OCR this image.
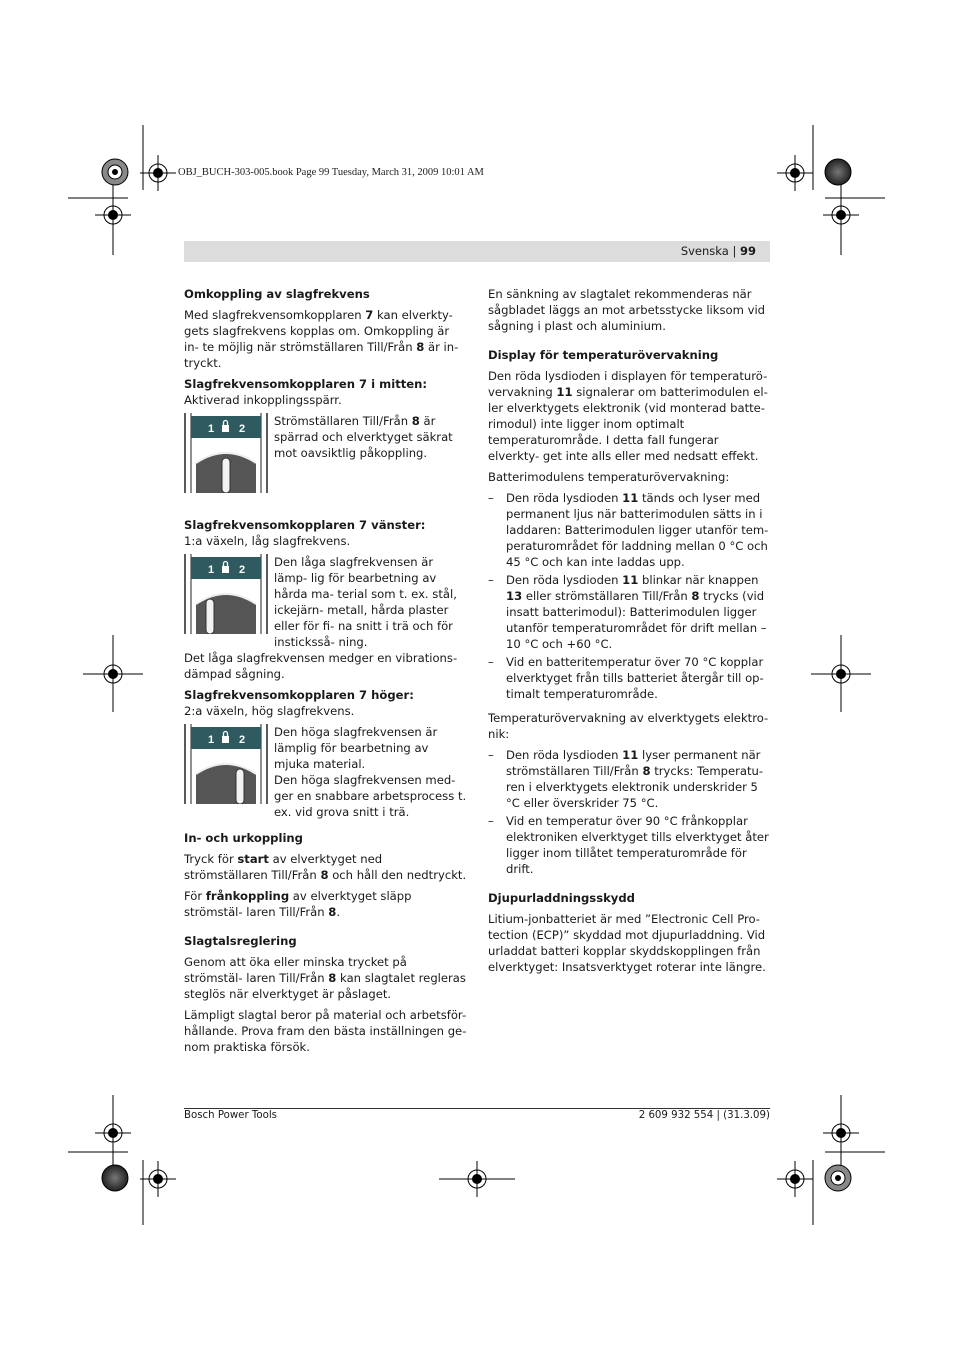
OBJ_BUCH-303-005.book Page 99 Tuesday, March 31, 2009 10:01 AM
Svenska | 99
Omkoppling av slagfrekvens

Med slagfrekvensomkopplaren 7 kan elverkty- gets slagfrekvens kopplas om. Omkoppling är in- te möjlig när strömställaren Till/Från 8 är in- tryckt.

Slagfrekvensomkopplaren 7 i mitten:

Aktiverad inkopplingsspärr.

1 2

Strömställaren Till/Från 8 är spärrad och elverktyget säkrat mot oavsiktlig påkoppling.

Slagfrekvensomkopplaren 7 vänster:

1:a växeln, låg slagfrekvens.

1 2

Den låga slagfrekvensen är lämp- lig för bearbetning av hårda ma- terial som t. ex. stål, ickejärn- metall, hårda plaster eller för fi- na snitt i trä och för insticksså- ning.

Det låga slagfrekvensen medger en vibrations- dämpad sågning.

Slagfrekvensomkopplaren 7 höger:

2:a växeln, hög slagfrekvens.

1 2

Den höga slagfrekvensen är lämplig för bearbetning av mjuka material.

Den höga slagfrekvensen med- ger en snabbare arbetsprocess t. ex. vid grova snitt i trä.

In- och urkoppling

Tryck för start av elverktyget ned strömställaren Till/Från 8 och håll den nedtryckt.

För frånkoppling av elverktyget släpp strömstäl- laren Till/Från 8.

Slagtalsreglering

Genom att öka eller minska trycket på strömstäl- laren Till/Från 8 kan slagtalet regleras steglös när elverktyget är påslaget.

Lämpligt slagtal beror på material och arbetsför- hållande. Prova fram den bästa inställningen ge- nom praktiska försök.

En sänkning av slagtalet rekommenderas när sågbladet läggs an mot arbetsstycke liksom vid sågning i plast och aluminium.

Display för temperaturövervakning

Den röda lysdioden i displayen för temperaturö- vervakning 11 signalerar om batterimodulen el- ler elverktygets elektronik (vid monterad batte- rimodul) inte ligger inom optimalt temperaturområde. I detta fall fungerar elverkty- get inte alls eller med nedsatt effekt.

Batterimodulens temperaturövervakning:

– Den röda lysdioden 11 tänds och lyser med permanent ljus när batterimodulen sätts in i laddaren: Batterimodulen ligger utanför tem- peraturområdet för laddning mellan 0 °C och 45 °C och kan inte laddas upp.
– Den röda lysdioden 11 blinkar när knappen 13 eller strömställaren Till/Från 8 trycks (vid insatt batterimodul): Batterimodulen ligger utanför temperaturområdet för drift mellan – 10 °C och +60 °C.
– Vid en batteritemperatur över 70 °C kopplar elverktyget från tills batteriet återgår till op- timalt temperaturområde.

Temperaturövervakning av elverktygets elektro- nik:

– Den röda lysdioden 11 lyser permanent när strömställaren Till/Från 8 trycks: Temperatu- ren i elverktygets elektronik underskrider 5 °C eller överskrider 75 °C.
– Vid en temperatur över 90 °C frånkopplar elektroniken elverktyget tills elverktyget åter ligger inom tillåtet temperaturområde för drift.
Djupurladdningsskydd

Litium-jonbatteriet är med ”Electronic Cell Pro- tection (ECP)” skyddad mot djupurladdning. Vid urladdat batteri kopplar skyddskopplingen från elverktyget: Insatsverktyget roterar inte längre.

Bosch Power Tools	2 609 932 554 | (31.3.09)
